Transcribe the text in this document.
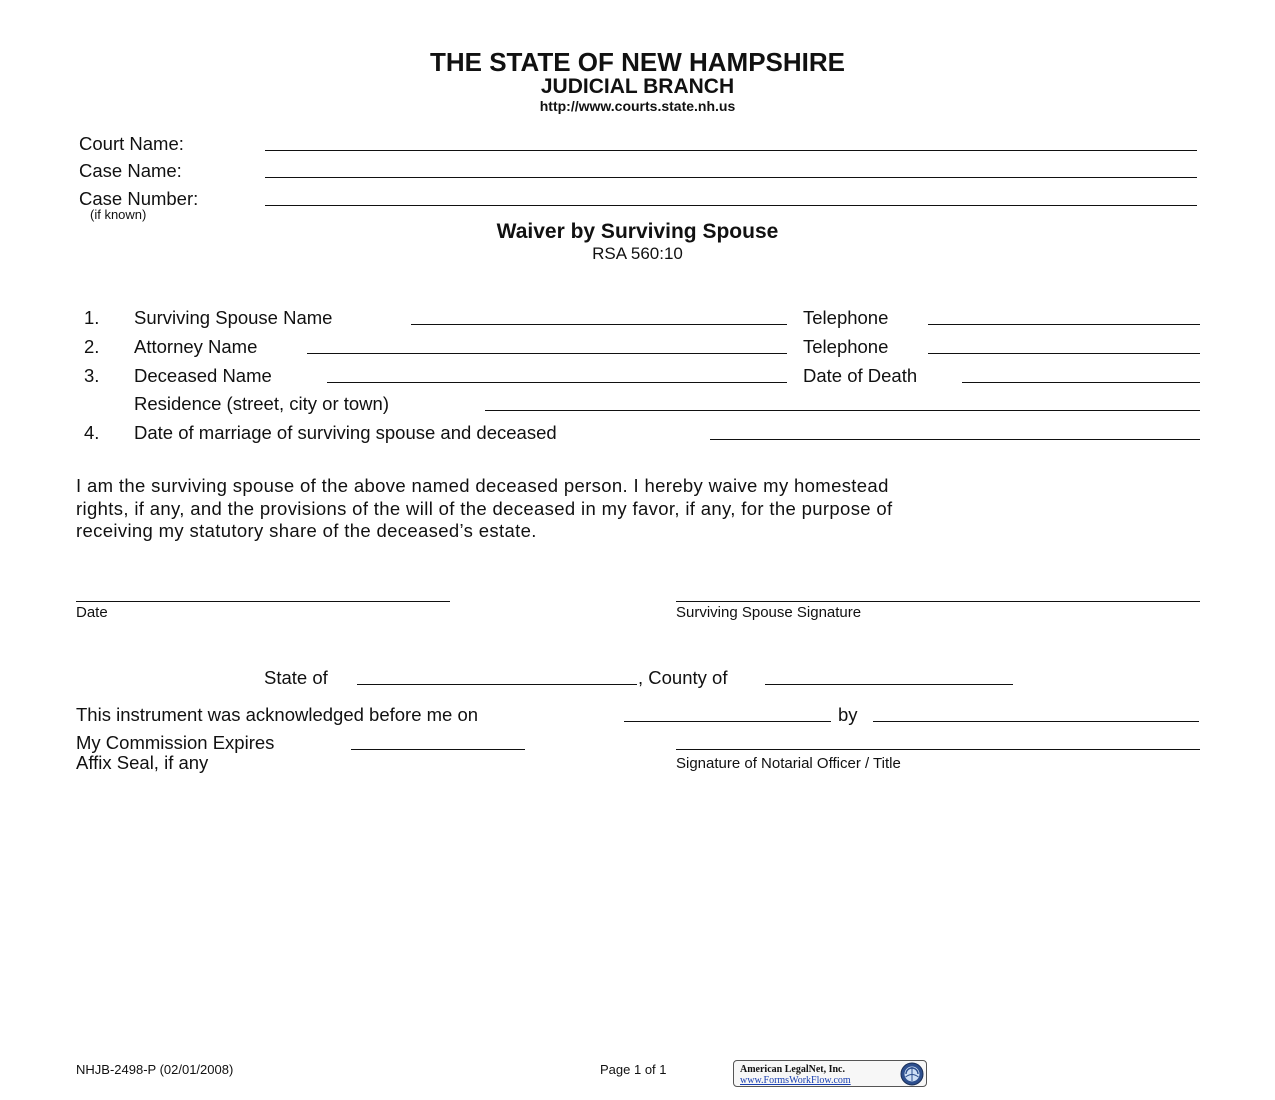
THE STATE OF NEW HAMPSHIRE
JUDICIAL BRANCH
http://www.courts.state.nh.us
Court Name:
Case Name:
Case Number:
(if known)
Waiver by Surviving Spouse
RSA 560:10
1. Surviving Spouse Name	Telephone
2. Attorney Name	Telephone
3. Deceased Name	Date of Death
Residence (street, city or town)
4. Date of marriage of surviving spouse and deceased
I am the surviving spouse of the above named deceased person. I hereby waive my homestead
rights, if any, and the provisions of the will of the deceased in my favor, if any, for the purpose of
receiving my statutory share of the deceased’s estate.
Date	Surviving Spouse Signature
State of	, County of
This instrument was acknowledged before me on	by
My Commission Expires
Affix Seal, if any	Signature of Notarial Officer / Title
NHJB-2498-P (02/01/2008)	Page 1 of 1	American LegalNet, Inc.
www.FormsWorkFlow.com
